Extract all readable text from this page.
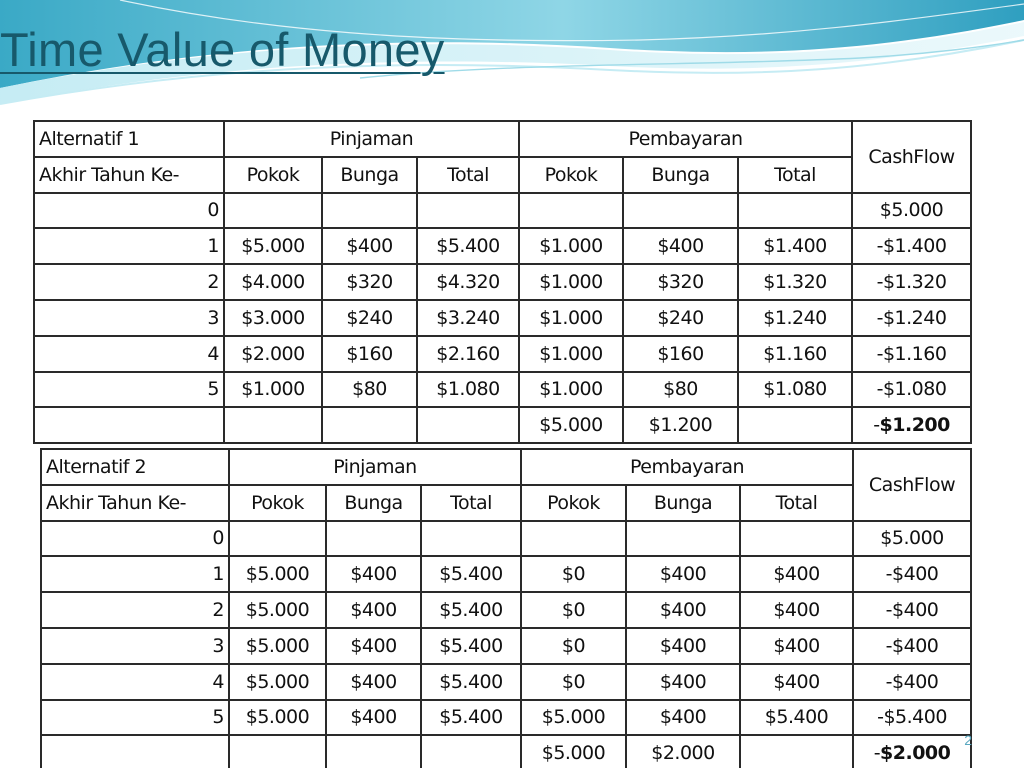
Time Value of Money
Alternatif 1	Pinjaman			Pembayaran			CashFlow
Akhir Tahun Ke-	Pokok	Bunga	Total	Pokok	Bunga	Total	
0							$5.000
1	$5.000	$400	$5.400	$1.000	$400	$1.400	-$1.400
2	$4.000	$320	$4.320	$1.000	$320	$1.320	-$1.320
3	$3.000	$240	$3.240	$1.000	$240	$1.240	-$1.240
4	$2.000	$160	$2.160	$1.000	$160	$1.160	-$1.160
5	$1.000	$80	$1.080	$1.000	$80	$1.080	-$1.080
				$5.000	$1.200		-$1.200
Alternatif 2	Pinjaman			Pembayaran			CashFlow
Akhir Tahun Ke-	Pokok	Bunga	Total	Pokok	Bunga	Total	
0							$5.000
1	$5.000	$400	$5.400	$0	$400	$400	-$400
2	$5.000	$400	$5.400	$0	$400	$400	-$400
3	$5.000	$400	$5.400	$0	$400	$400	-$400
4	$5.000	$400	$5.400	$0	$400	$400	-$400
5	$5.000	$400	$5.400	$5.000	$400	$5.400	-$5.400
				$5.000	$2.000		-$2.000
2
